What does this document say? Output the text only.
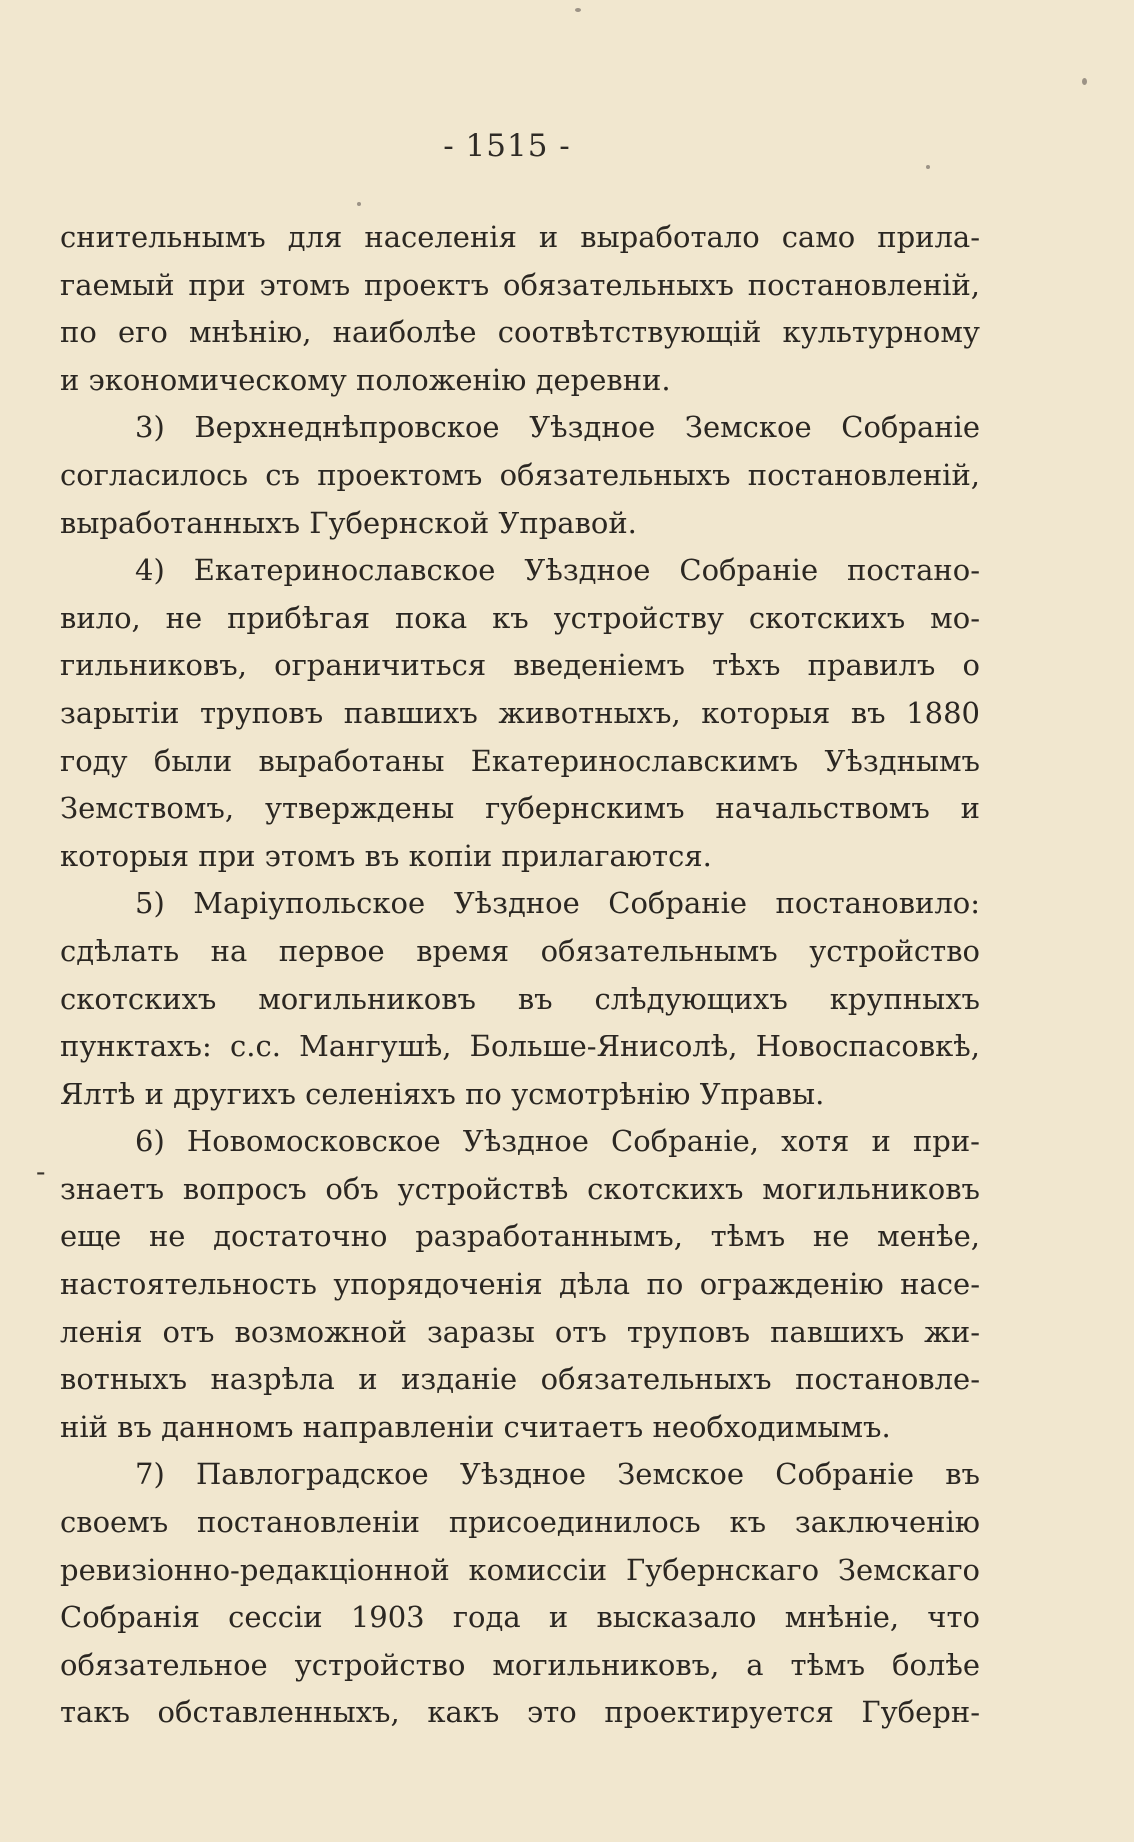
- 1515 -
-
снительнымъ для населенія и выработало само прила-
гаемый при этомъ проектъ обязательныхъ постановленій,
по его мнѣнію, наиболѣе соотвѣтствующій культурному
и экономическому положенію деревни.
3) Верхнеднѣпровское Уѣздное Земское Собраніе
согласилось съ проектомъ обязательныхъ постановленій,
выработанныхъ Губернской Управой.
4) Екатеринославское Уѣздное Собраніе постано-
вило, не прибѣгая пока къ устройству скотскихъ мо-
гильниковъ, ограничиться введеніемъ тѣхъ правилъ о
зарытіи труповъ павшихъ животныхъ, которыя въ 1880
году были выработаны Екатеринославскимъ Уѣзднымъ
Земствомъ, утверждены губернскимъ начальствомъ и
которыя при этомъ въ копіи прилагаются.
5) Маріупольское Уѣздное Собраніе постановило:
сдѣлать на первое время обязательнымъ устройство
скотскихъ могильниковъ въ слѣдующихъ крупныхъ
пунктахъ: с.с. Мангушѣ, Больше-Янисолѣ, Новоспасовкѣ,
Ялтѣ и другихъ селеніяхъ по усмотрѣнію Управы.
6) Новомосковское Уѣздное Собраніе, хотя и при-
знаетъ вопросъ объ устройствѣ скотскихъ могильниковъ
еще не достаточно разработаннымъ, тѣмъ не менѣе,
настоятельность упорядоченія дѣла по огражденію насе-
ленія отъ возможной заразы отъ труповъ павшихъ жи-
вотныхъ назрѣла и изданіе обязательныхъ постановле-
ній въ данномъ направленіи считаетъ необходимымъ.
7) Павлоградское Уѣздное Земское Собраніе въ
своемъ постановленіи присоединилось къ заключенію
ревизіонно-редакціонной комиссіи Губернскаго Земскаго
Собранія сессіи 1903 года и высказало мнѣніе, что
обязательное устройство могильниковъ, а тѣмъ болѣе
такъ обставленныхъ, какъ это проектируется Губерн-
